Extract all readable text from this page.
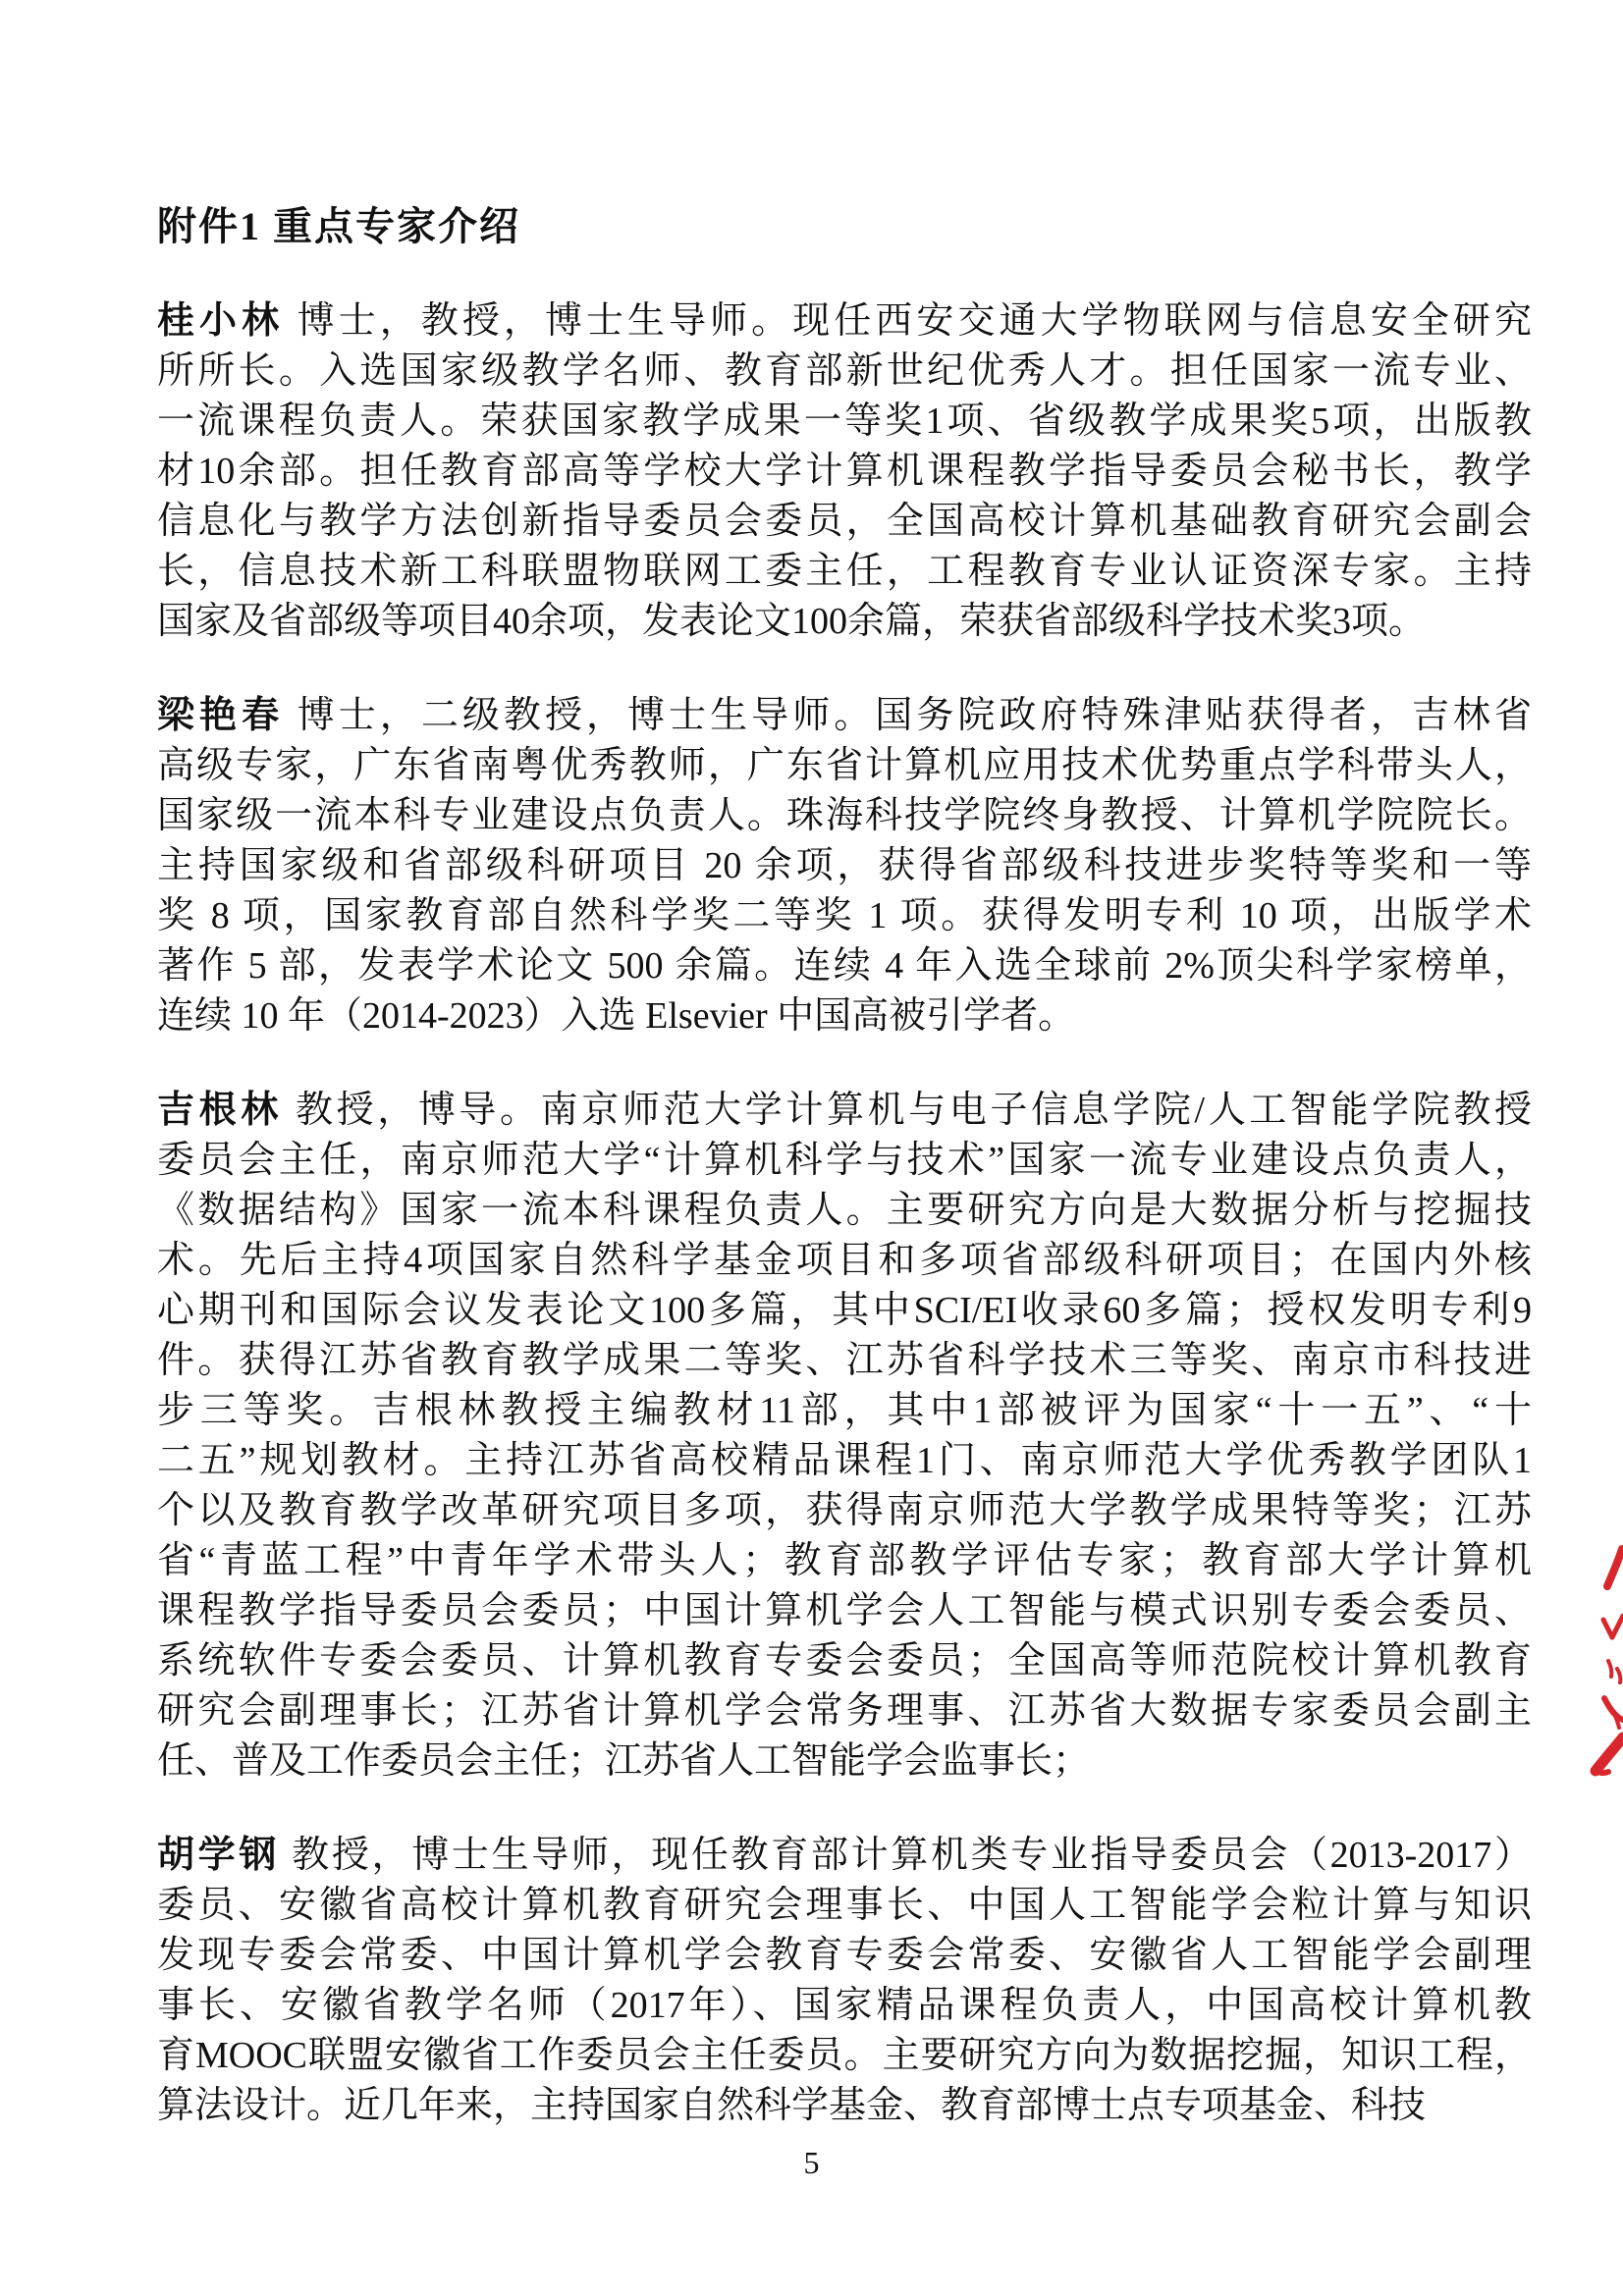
附件1 重点专家介绍
桂小林 博士，教授，博士生导师。现任西安交通大学物联网与信息安全研究
所所长。入选国家级教学名师、教育部新世纪优秀人才。担任国家一流专业、
一流课程负责人。荣获国家教学成果一等奖1项、省级教学成果奖5项，出版教
材10余部。担任教育部高等学校大学计算机课程教学指导委员会秘书长，教学
信息化与教学方法创新指导委员会委员，全国高校计算机基础教育研究会副会
长，信息技术新工科联盟物联网工委主任，工程教育专业认证资深专家。主持
国家及省部级等项目40余项，发表论文100余篇，荣获省部级科学技术奖3项。
梁艳春 博士，二级教授，博士生导师。国务院政府特殊津贴获得者，吉林省
高级专家，广东省南粤优秀教师，广东省计算机应用技术优势重点学科带头人，
国家级一流本科专业建设点负责人。珠海科技学院终身教授、计算机学院院长。
主持国家级和省部级科研项目 20 余项，获得省部级科技进步奖特等奖和一等
奖 8 项，国家教育部自然科学奖二等奖 1 项。获得发明专利 10 项，出版学术
著作 5 部，发表学术论文 500 余篇。连续 4 年入选全球前 2%顶尖科学家榜单，
连续 10 年（2014-2023）入选 Elsevier 中国高被引学者。
吉根林 教授，博导。南京师范大学计算机与电子信息学院/人工智能学院教授
委员会主任，南京师范大学“计算机科学与技术”国家一流专业建设点负责人，
《数据结构》国家一流本科课程负责人。主要研究方向是大数据分析与挖掘技
术。先后主持4项国家自然科学基金项目和多项省部级科研项目；在国内外核
心期刊和国际会议发表论文100多篇，其中SCI/EI收录60多篇；授权发明专利9
件。获得江苏省教育教学成果二等奖、江苏省科学技术三等奖、南京市科技进
步三等奖。吉根林教授主编教材11部，其中1部被评为国家“十一五”、“十
二五”规划教材。主持江苏省高校精品课程1门、南京师范大学优秀教学团队1
个以及教育教学改革研究项目多项，获得南京师范大学教学成果特等奖；江苏
省“青蓝工程”中青年学术带头人；教育部教学评估专家；教育部大学计算机
课程教学指导委员会委员；中国计算机学会人工智能与模式识别专委会委员、
系统软件专委会委员、计算机教育专委会委员；全国高等师范院校计算机教育
研究会副理事长；江苏省计算机学会常务理事、江苏省大数据专家委员会副主
任、普及工作委员会主任；江苏省人工智能学会监事长；
胡学钢 教授，博士生导师，现任教育部计算机类专业指导委员会（2013-2017）
委员、安徽省高校计算机教育研究会理事长、中国人工智能学会粒计算与知识
发现专委会常委、中国计算机学会教育专委会常委、安徽省人工智能学会副理
事长、安徽省教学名师（2017年）、国家精品课程负责人，中国高校计算机教
育MOOC联盟安徽省工作委员会主任委员。主要研究方向为数据挖掘，知识工程，
算法设计。近几年来，主持国家自然科学基金、教育部博士点专项基金、科技
5
